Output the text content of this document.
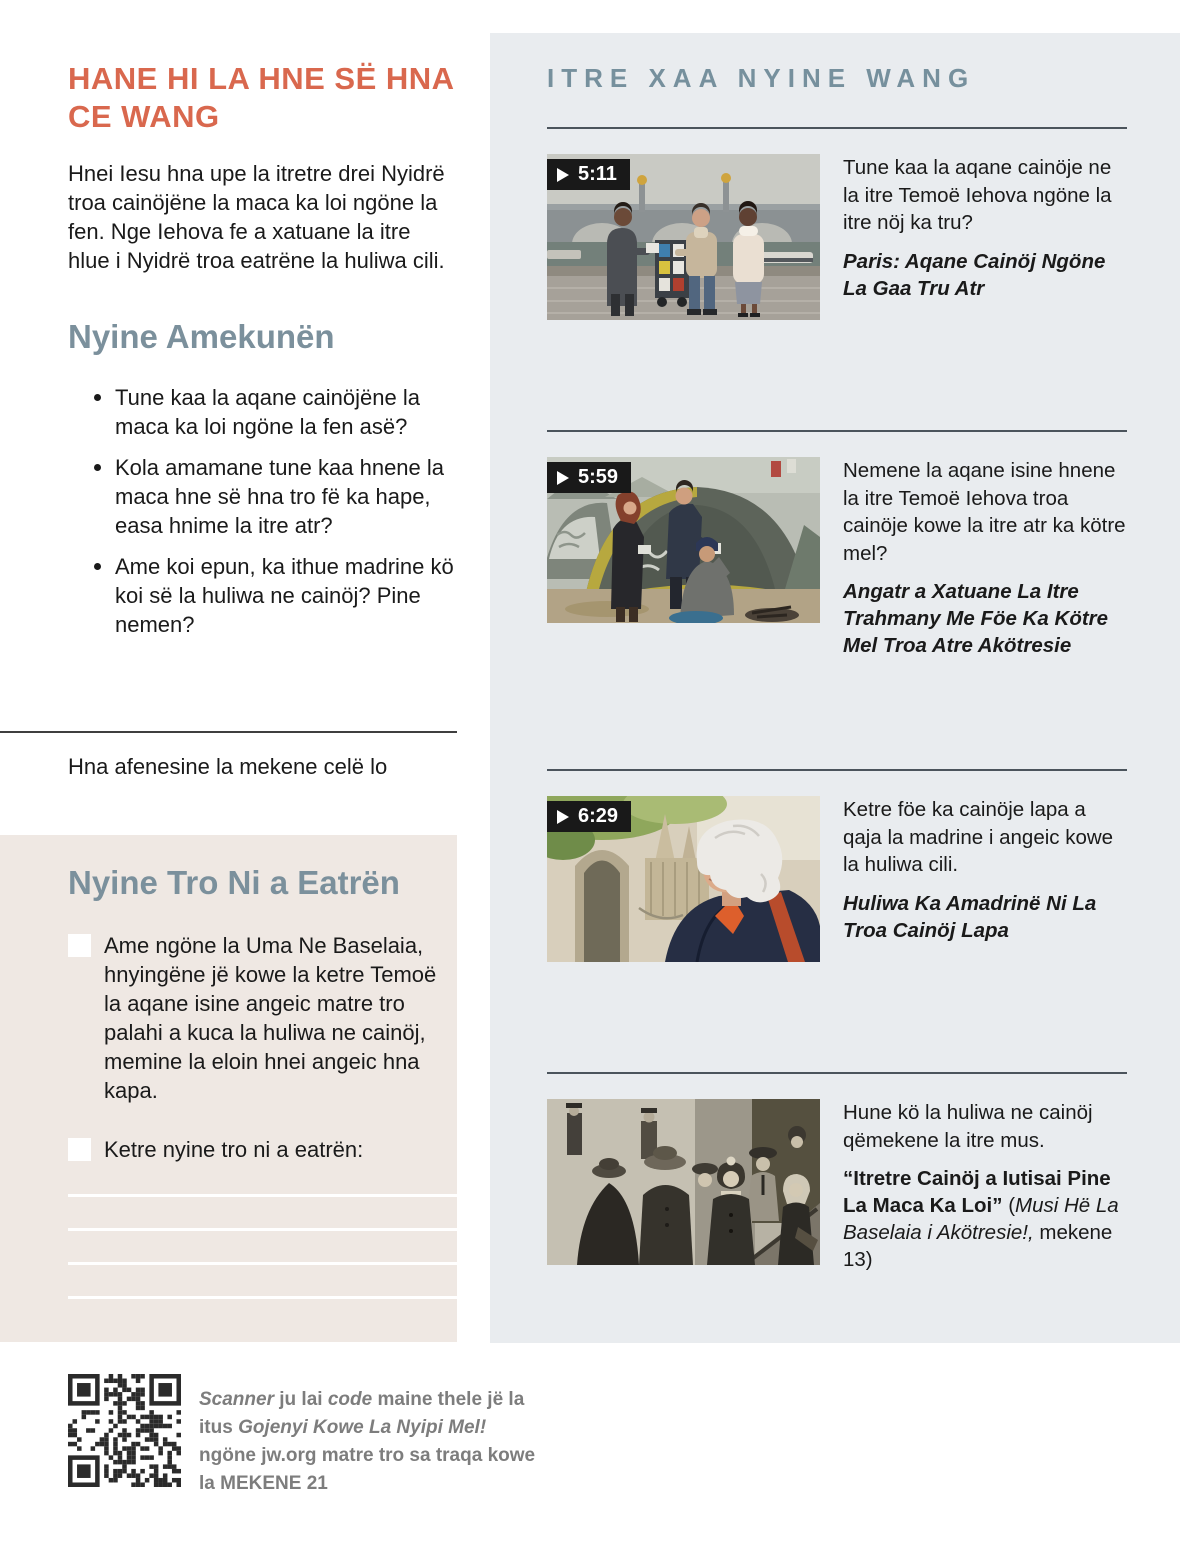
HANE HI LA HNE SË HNA CE WANG

Hnei Iesu hna upe la itretre drei Nyidrë troa cainöjëne la maca ka loi ngöne la fen. Nge Iehova fe a xatuane la itre hlue i Nyidrë troa eatrëne la huliwa cili.

Nyine Amekunën
Tune kaa la aqane cainöjëne la maca ka loi ngöne la fen asë?
Kola amamane tune kaa hnene la maca hne së hna tro fë ka hape, easa hnime la itre atr?
Ame koi epun, ka ithue madrine kö koi së la huliwa ne cainöj? Pine nemen?

Hna afenesine la mekene celë lo

Nyine Tro Ni a Eatrën
Ame ngöne la Uma Ne Baselaia, hnyingëne jë kowe la ketre Temoë la aqane isine angeic matre tro palahi a kuca la huliwa ne cainöj, memine la eloin hnei angeic hna kapa.
Ketre nyine tro ni a eatrën:

Scanner ju lai code maine thele jë la itus Gojenyi Kowe La Nyipi Mel! ngöne jw.org matre tro sa traqa kowe la MEKENE 21

ITRE XAA NYINE WANG
5:11	Tune kaa la aqane cainöje ne la itre Temoë Iehova ngöne la itre nöj ka tru?

Paris: Aqane Cainöj Ngöne La Gaa Tru Atr

5:59	Nemene la aqane isine hnene la itre Temoë Iehova troa cainöje kowe la itre atr ka kötre mel?

Angatr a Xatuane La Itre Trahmany Me Föe Ka Kötre Mel Troa Atre Akötresie

6:29	Ketre föe ka cainöje lapa a qaja la madrine i angeic kowe la huliwa cili.

Huliwa Ka Amadrinë Ni La Troa Cainöj Lapa

Hune kö la huliwa ne cainöj qëmekene la itre mus.

“Itretre Cainöj a Iutisai Pine La Maca Ka Loi” (Musi Hë La Baselaia i Akötresie!, mekene 13)
